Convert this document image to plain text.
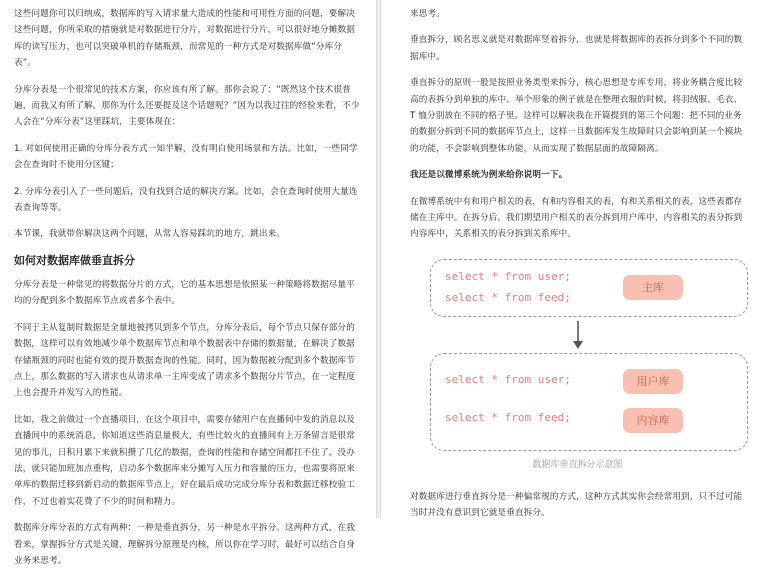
这些问题你可以归纳成，数据库的写入请求量大造成的性能和可用性方面的问题，要解决这些问题，你所采取的措施就是对数据进行分片，对数据进行分片，可以很好地分摊数据库的读写压力，也可以突破单机的存储瓶颈，而常见的一种方式是对数据库做“分库分表”。

分库分表是一个很常见的技术方案，你应该有所了解。那你会说了：“既然这个技术很普遍，而我又有所了解，那你为什么还要提及这个话题呢？”因为以我过往的经验来看，不少人会在“分库分表”这里踩坑，主要体现在：

1. 对如何使用正确的分库分表方式一知半解，没有明白使用场景和方法。比如，一些同学会在查询时不使用分区键；

2. 分库分表引入了一些问题后，没有找到合适的解决方案。比如，会在查询时使用大量连表查询等等。

本节课，我就带你解决这两个问题，从常人容易踩坑的地方，跳出来。

如何对数据库做垂直拆分

分库分表是一种常见的将数据分片的方式，它的基本思想是依照某一种策略将数据尽量平均的分配到多个数据库节点或者多个表中。

不同于主从复制时数据是全量地被拷贝到多个节点，分库分表后，每个节点只保存部分的数据，这样可以有效地减少单个数据库节点和单个数据表中存储的数据量，在解决了数据存储瓶颈的同时也能有效的提升数据查询的性能。同时，因为数据被分配到多个数据库节点上，那么数据的写入请求也从请求单一主库变成了请求多个数据分片节点，在一定程度上也会提升并发写入的性能。

比如，我之前做过一个直播项目，在这个项目中，需要存储用户在直播间中发的消息以及直播间中的系统消息，你知道这些消息量极大，有些比较火的直播间有上万条留言是很常见的事儿，日积月累下来就积攒了几亿的数据，查询的性能和存储空间都扛不住了。没办法，就只能加班加点重构，启动多个数据库来分摊写入压力和容量的压力，也需要将原来单库的数据迁移到新启动的数据库节点上，好在最后成功完成分库分表和数据迁移校验工作，不过也着实花费了不少的时间和精力。

数据库分库分表的方式有两种：一种是垂直拆分，另一种是水平拆分。这两种方式，在我看来，掌握拆分方式是关键，理解拆分原理是内核，所以你在学习时，最好可以结合自身业务来思考。

来思考。

垂直拆分，顾名思义就是对数据库竖着拆分，也就是将数据库的表拆分到多个不同的数据库中。

垂直拆分的原则一般是按照业务类型来拆分，核心思想是专库专用，将业务耦合度比较高的表拆分到单独的库中。举个形象的例子就是在整理衣服的时候，将羽绒服、毛衣、T 恤分别放在不同的格子里。这样可以解决我在开篇提到的第三个问题：把不同的业务的数据分拆到不同的数据库节点上，这样一旦数据库发生故障时只会影响到某一个模块的功能，不会影响到整体功能，从而实现了数据层面的故障隔离。

我还是以微博系统为例来给你说明一下。

在微博系统中有和用户相关的表，有和内容相关的表，有和关系相关的表，这些表都存储在主库中。在拆分后，我们期望用户相关的表分拆到用户库中，内容相关的表分拆到内容库中，关系相关的表分拆到关系库中。

select * from user;
select * from feed;
主库
select * from user;
select * from feed;
用户库
内容库
数据库垂直拆分示意图

对数据库进行垂直拆分是一种偏常规的方式，这种方式其实你会经常用到，只不过可能当时并没有意识到它就是垂直拆分。
